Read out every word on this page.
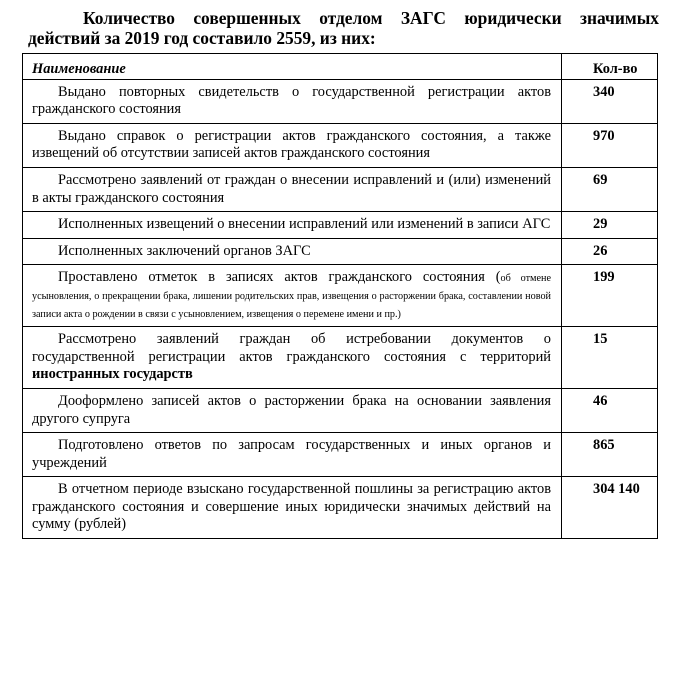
Количество совершенных отделом ЗАГС юридически значимых действий за 2019 год составило 2559, из них:

Наименование	Кол-во

Выдано повторных свидетельств о государственной регистрации актов гражданского состояния	340

Выдано справок о регистрации актов гражданского состояния, а также извещений об отсутствии записей актов гражданского состояния	970

Рассмотрено заявлений от граждан о внесении исправлений и (или) изменений в акты гражданского состояния	69

Исполненных извещений о внесении исправлений или изменений в записи АГС	29

Исполненных заключений органов ЗАГС	26

Проставлено отметок в записях актов гражданского состояния (об отмене усыновления, о прекращении брака, лишении родительских прав, извещения о расторжении брака, составлении новой записи акта о рождении в связи с усыновлением, извещения о перемене имени и пр.)	199

Рассмотрено заявлений граждан об истребовании документов о государственной регистрации актов гражданского состояния с территорий иностранных государств	15

Дооформлено записей актов о расторжении брака на основании заявления другого супруга	46

Подготовлено ответов по запросам государственных и иных органов и учреждений	865

В отчетном периоде взыскано государственной пошлины за регистрацию актов гражданского состояния и совершение иных юридически значимых действий на сумму (рублей)	304 140
